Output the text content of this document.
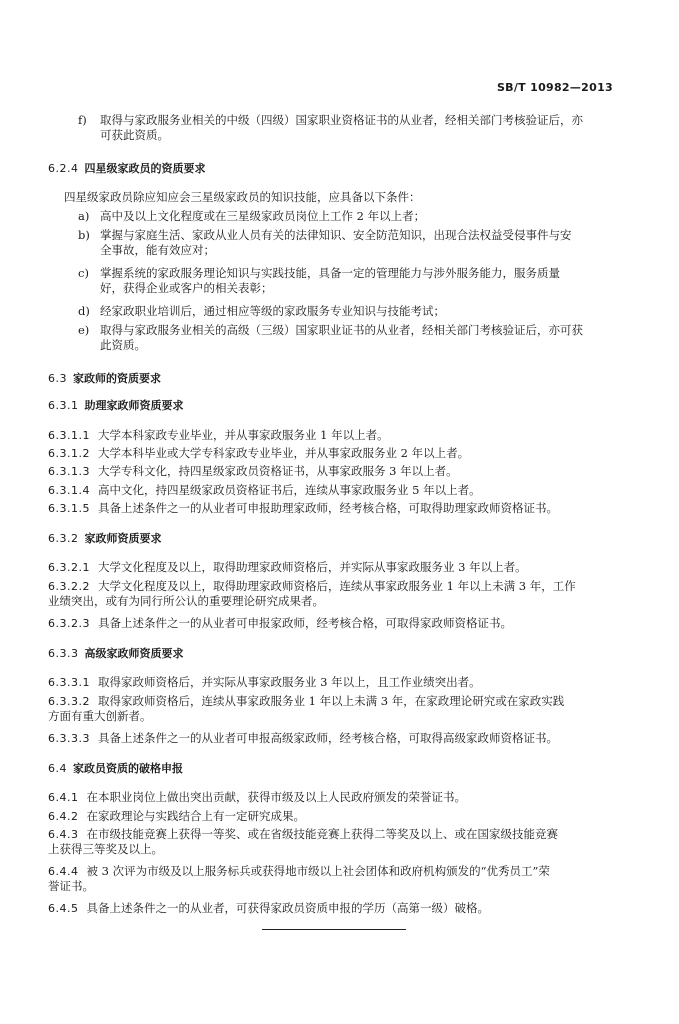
SB/T 10982—2013
f)	取得与家政服务业相关的中级（四级）国家职业资格证书的从业者，经相关部门考核验证后，亦
可获此资质。
6.2.4 四星级家政员的资质要求
四星级家政员除应知应会三星级家政员的知识技能，应具备以下条件：
a) 高中及以上文化程度或在三星级家政员岗位上工作 2 年以上者；
b) 掌握与家庭生活、家政从业人员有关的法律知识、安全防范知识，出现合法权益受侵事件与安
全事故，能有效应对；
c) 掌握系统的家政服务理论知识与实践技能，具备一定的管理能力与涉外服务能力，服务质量
好，获得企业或客户的相关表彰；
d) 经家政职业培训后，通过相应等级的家政服务专业知识与技能考试；
e) 取得与家政服务业相关的高级（三级）国家职业证书的从业者，经相关部门考核验证后，亦可获
此资质。
6.3 家政师的资质要求
6.3.1 助理家政师资质要求
6.3.1.1 大学本科家政专业毕业，并从事家政服务业 1 年以上者。
6.3.1.2 大学本科毕业或大学专科家政专业毕业，并从事家政服务业 2 年以上者。
6.3.1.3 大学专科文化，持四星级家政员资格证书，从事家政服务 3 年以上者。
6.3.1.4 高中文化，持四星级家政员资格证书后，连续从事家政服务业 5 年以上者。
6.3.1.5 具备上述条件之一的从业者可申报助理家政师，经考核合格，可取得助理家政师资格证书。
6.3.2 家政师资质要求
6.3.2.1 大学文化程度及以上，取得助理家政师资格后，并实际从事家政服务业 3 年以上者。
6.3.2.2 大学文化程度及以上，取得助理家政师资格后，连续从事家政服务业 1 年以上未满 3 年，工作
业绩突出，或有为同行所公认的重要理论研究成果者。
6.3.2.3 具备上述条件之一的从业者可申报家政师，经考核合格，可取得家政师资格证书。
6.3.3 高级家政师资质要求
6.3.3.1 取得家政师资格后，并实际从事家政服务业 3 年以上，且工作业绩突出者。
6.3.3.2 取得家政师资格后，连续从事家政服务业 1 年以上未满 3 年，在家政理论研究或在家政实践
方面有重大创新者。
6.3.3.3 具备上述条件之一的从业者可申报高级家政师，经考核合格，可取得高级家政师资格证书。
6.4 家政员资质的破格申报
6.4.1 在本职业岗位上做出突出贡献，获得市级及以上人民政府颁发的荣誉证书。
6.4.2 在家政理论与实践结合上有一定研究成果。
6.4.3 在市级技能竞赛上获得一等奖、或在省级技能竞赛上获得二等奖及以上、或在国家级技能竞赛
上获得三等奖及以上。
6.4.4 被 3 次评为市级及以上服务标兵或获得地市级以上社会团体和政府机构颁发的“优秀员工”荣
誉证书。
6.4.5 具备上述条件之一的从业者，可获得家政员资质申报的学历（高第一级）破格。
